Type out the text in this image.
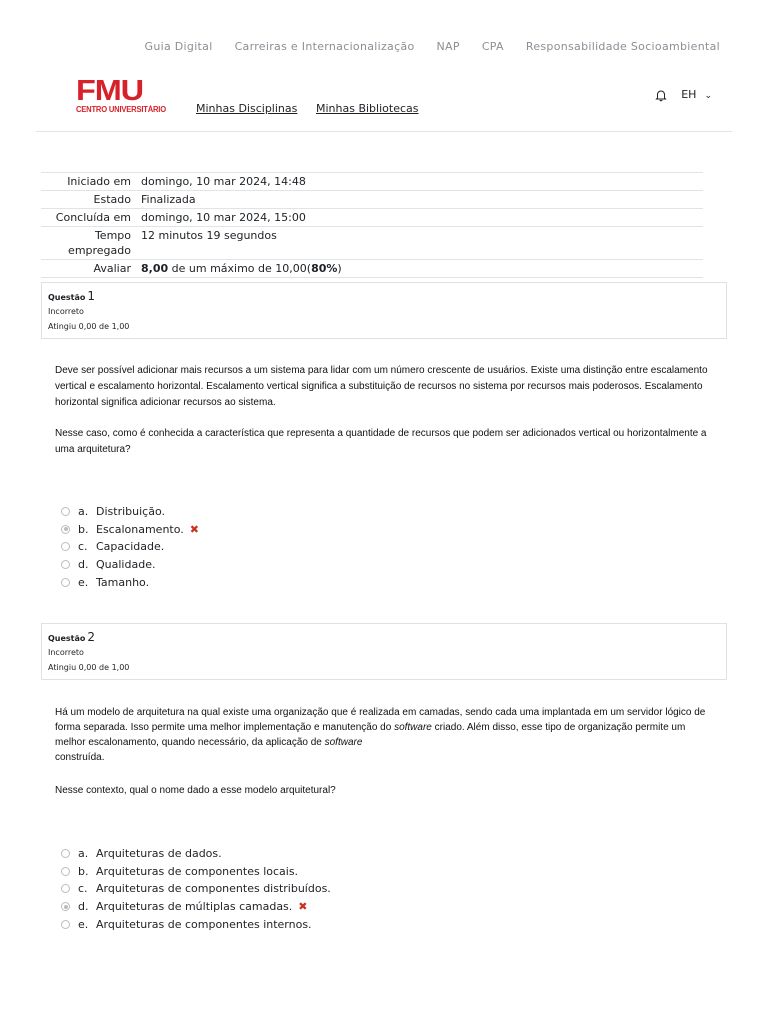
Guia Digital Carreiras e Internacionalização NAP CPA Responsabilidade Socioambiental
FMU
CENTRO UNIVERSITÁRIO	Minhas Disciplinas Minhas Bibliotecas
EH ⌄
Iniciado em domingo, 10 mar 2024, 14:48
Estado Finalizada
Concluída em domingo, 10 mar 2024, 15:00
Tempo empregado
12 minutos 19 segundos
Avaliar 8,00 de um máximo de 10,00(80%)
Questão 1
Incorreto
Atingiu 0,00 de 1,00

Deve ser possível adicionar mais recursos a um sistema para lidar com um número crescente de usuários. Existe uma distinção entre escalamento vertical e escalamento horizontal. Escalamento vertical significa a substituição de recursos no sistema por recursos mais poderosos. Escalamento horizontal significa adicionar recursos ao sistema.

Nesse caso, como é conhecida a característica que representa a quantidade de recursos que podem ser adicionados vertical ou horizontalmente a uma arquitetura?

a. Distribuição.
b. Escalonamento. ✖
c. Capacidade.
d. Qualidade.
e. Tamanho.
Questão 2
Incorreto
Atingiu 0,00 de 1,00

Há um modelo de arquitetura na qual existe uma organização que é realizada em camadas, sendo cada uma implantada em um servidor lógico de forma separada. Isso permite uma melhor implementação e manutenção do software criado. Além disso, esse tipo de organização permite um melhor escalonamento, quando necessário, da aplicação de software
construída.

Nesse contexto, qual o nome dado a esse modelo arquitetural?

a. Arquiteturas de dados.
b. Arquiteturas de componentes locais.
c. Arquiteturas de componentes distribuídos.
d. Arquiteturas de múltiplas camadas. ✖
e. Arquiteturas de componentes internos.
